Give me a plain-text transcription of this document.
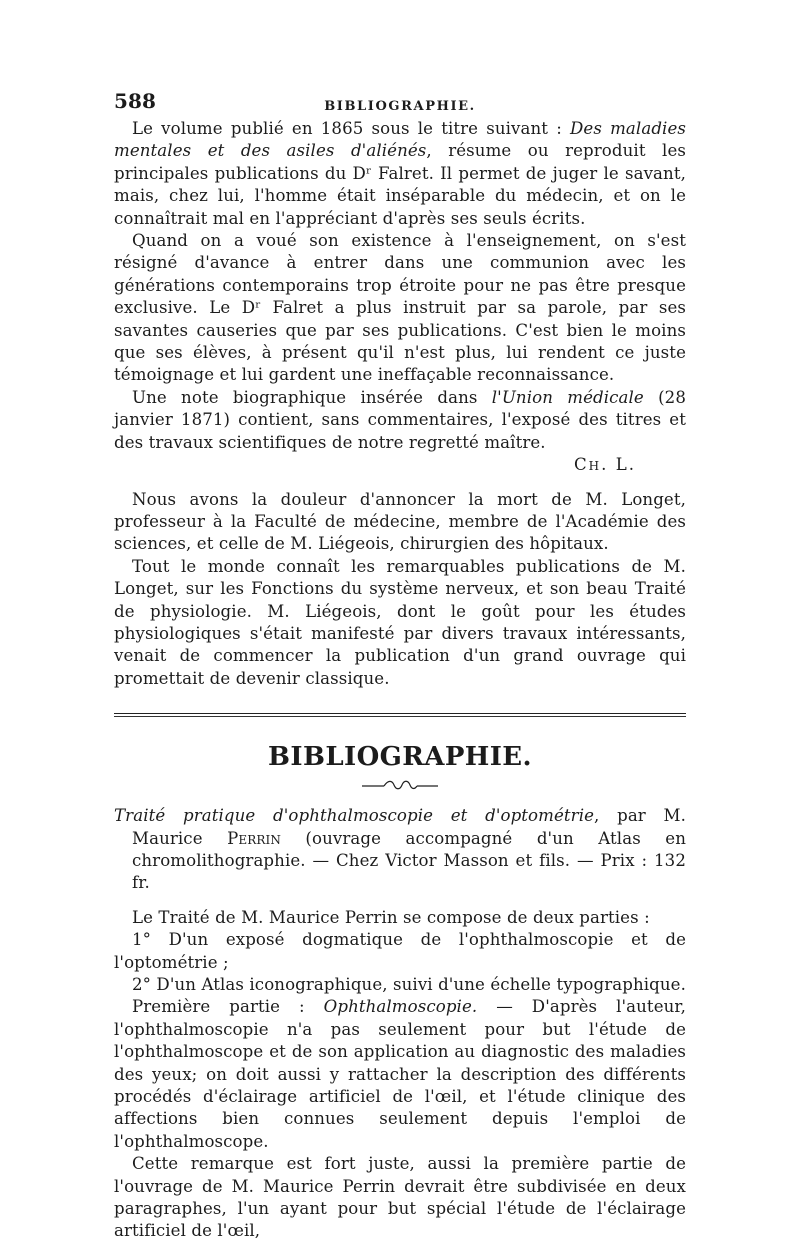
588	BIBLIOGRAPHIE.

Le volume publié en 1865 sous le titre suivant : Des maladies mentales et des asiles d'aliénés, résume ou reproduit les principales publications du Dʳ Falret. Il permet de juger le savant, mais, chez lui, l'homme était inséparable du médecin, et on le connaîtrait mal en l'appréciant d'après ses seuls écrits.

Quand on a voué son existence à l'enseignement, on s'est résigné d'avance à entrer dans une communion avec les générations contemporains trop étroite pour ne pas être presque exclusive. Le Dʳ Falret a plus instruit par sa parole, par ses savantes causeries que par ses publications. C'est bien le moins que ses élèves, à présent qu'il n'est plus, lui rendent ce juste témoignage et lui gardent une ineffaçable reconnaissance.

Une note biographique insérée dans l'Union médicale (28 janvier 1871) contient, sans commentaires, l'exposé des titres et des travaux scientifiques de notre regretté maître.

Ch. L.

Nous avons la douleur d'annoncer la mort de M. Longet, professeur à la Faculté de médecine, membre de l'Académie des sciences, et celle de M. Liégeois, chirurgien des hôpitaux.

Tout le monde connaît les remarquables publications de M. Longet, sur les Fonctions du système nerveux, et son beau Traité de physiologie. M. Liégeois, dont le goût pour les études physiologiques s'était manifesté par divers travaux intéressants, venait de commencer la publication d'un grand ouvrage qui promettait de devenir classique.

BIBLIOGRAPHIE.

Traité pratique d'ophthalmoscopie et d'optométrie, par M. Maurice Perrin (ouvrage accompagné d'un Atlas en chromolithographie. — Chez Victor Masson et fils. — Prix : 132 fr.

Le Traité de M. Maurice Perrin se compose de deux parties :

1° D'un exposé dogmatique de l'ophthalmoscopie et de l'optométrie ;

2° D'un Atlas iconographique, suivi d'une échelle typographique.

Première partie : Ophthalmoscopie. — D'après l'auteur, l'ophthalmoscopie n'a pas seulement pour but l'étude de l'ophthalmoscope et de son application au diagnostic des maladies des yeux; on doit aussi y rattacher la description des différents procédés d'éclairage artificiel de l'œil, et l'étude clinique des affections bien connues seulement depuis l'emploi de l'ophthalmoscope.

Cette remarque est fort juste, aussi la première partie de l'ouvrage de M. Maurice Perrin devrait être subdivisée en deux paragraphes, l'un ayant pour but spécial l'étude de l'éclairage artificiel de l'œil,
